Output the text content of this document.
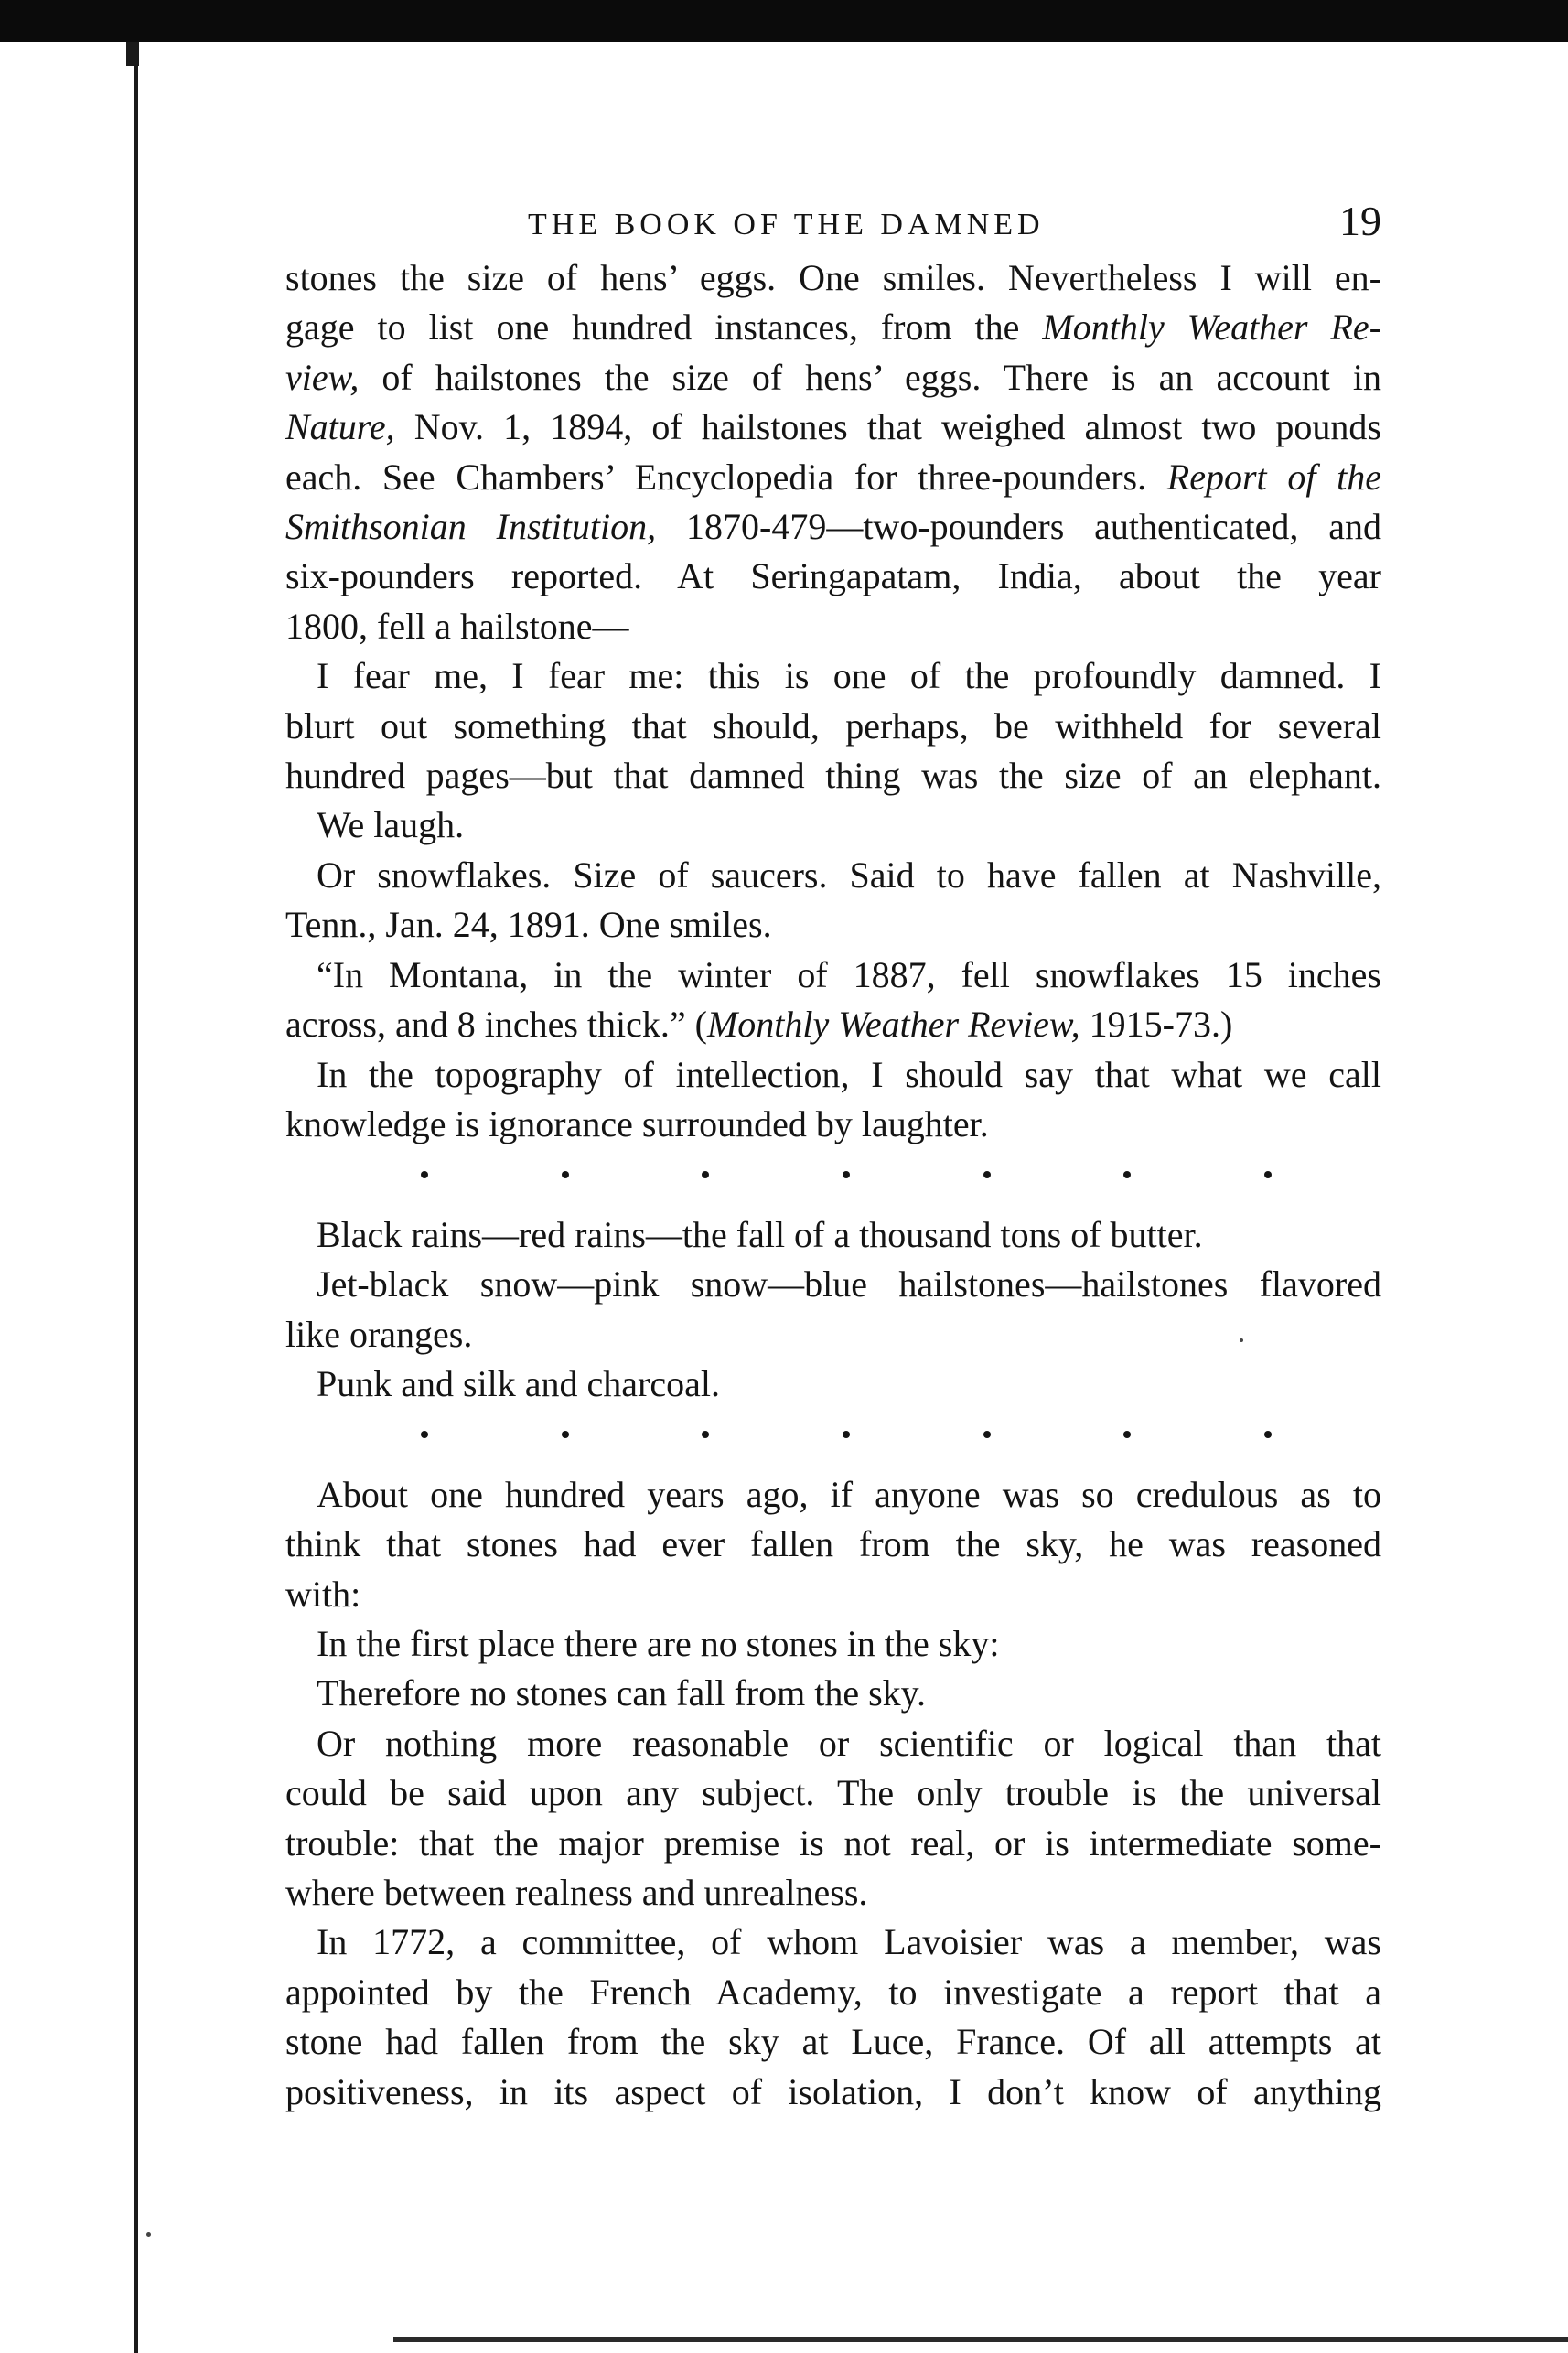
THE BOOK OF THE DAMNED	19
stones the size of hens’ eggs. One smiles. Nevertheless I will en-
gage to list one hundred instances, from the Monthly Weather Re-
view, of hailstones the size of hens’ eggs. There is an account in
Nature, Nov. 1, 1894, of hailstones that weighed almost two pounds
each. See Chambers’ Encyclopedia for three-pounders. Report of the
Smithsonian Institution, 1870-479—two-pounders authenticated, and
six-pounders reported. At Seringapatam, India, about the year
1800, fell a hailstone—
I fear me, I fear me: this is one of the profoundly damned. I
blurt out something that should, perhaps, be withheld for several
hundred pages—but that damned thing was the size of an elephant.
We laugh.
Or snowflakes. Size of saucers. Said to have fallen at Nashville,
Tenn., Jan. 24, 1891. One smiles.
“In Montana, in the winter of 1887, fell snowflakes 15 inches
across, and 8 inches thick.” (Monthly Weather Review, 1915-73.)
In the topography of intellection, I should say that what we call
knowledge is ignorance surrounded by laughter.
Black rains—red rains—the fall of a thousand tons of butter.
Jet-black snow—pink snow—blue hailstones—hailstones flavored
like oranges.
Punk and silk and charcoal.
About one hundred years ago, if anyone was so credulous as to
think that stones had ever fallen from the sky, he was reasoned
with:
In the first place there are no stones in the sky:
Therefore no stones can fall from the sky.
Or nothing more reasonable or scientific or logical than that
could be said upon any subject. The only trouble is the universal
trouble: that the major premise is not real, or is intermediate some-
where between realness and unrealness.
In 1772, a committee, of whom Lavoisier was a member, was
appointed by the French Academy, to investigate a report that a
stone had fallen from the sky at Luce, France. Of all attempts at
positiveness, in its aspect of isolation, I don’t know of anything
